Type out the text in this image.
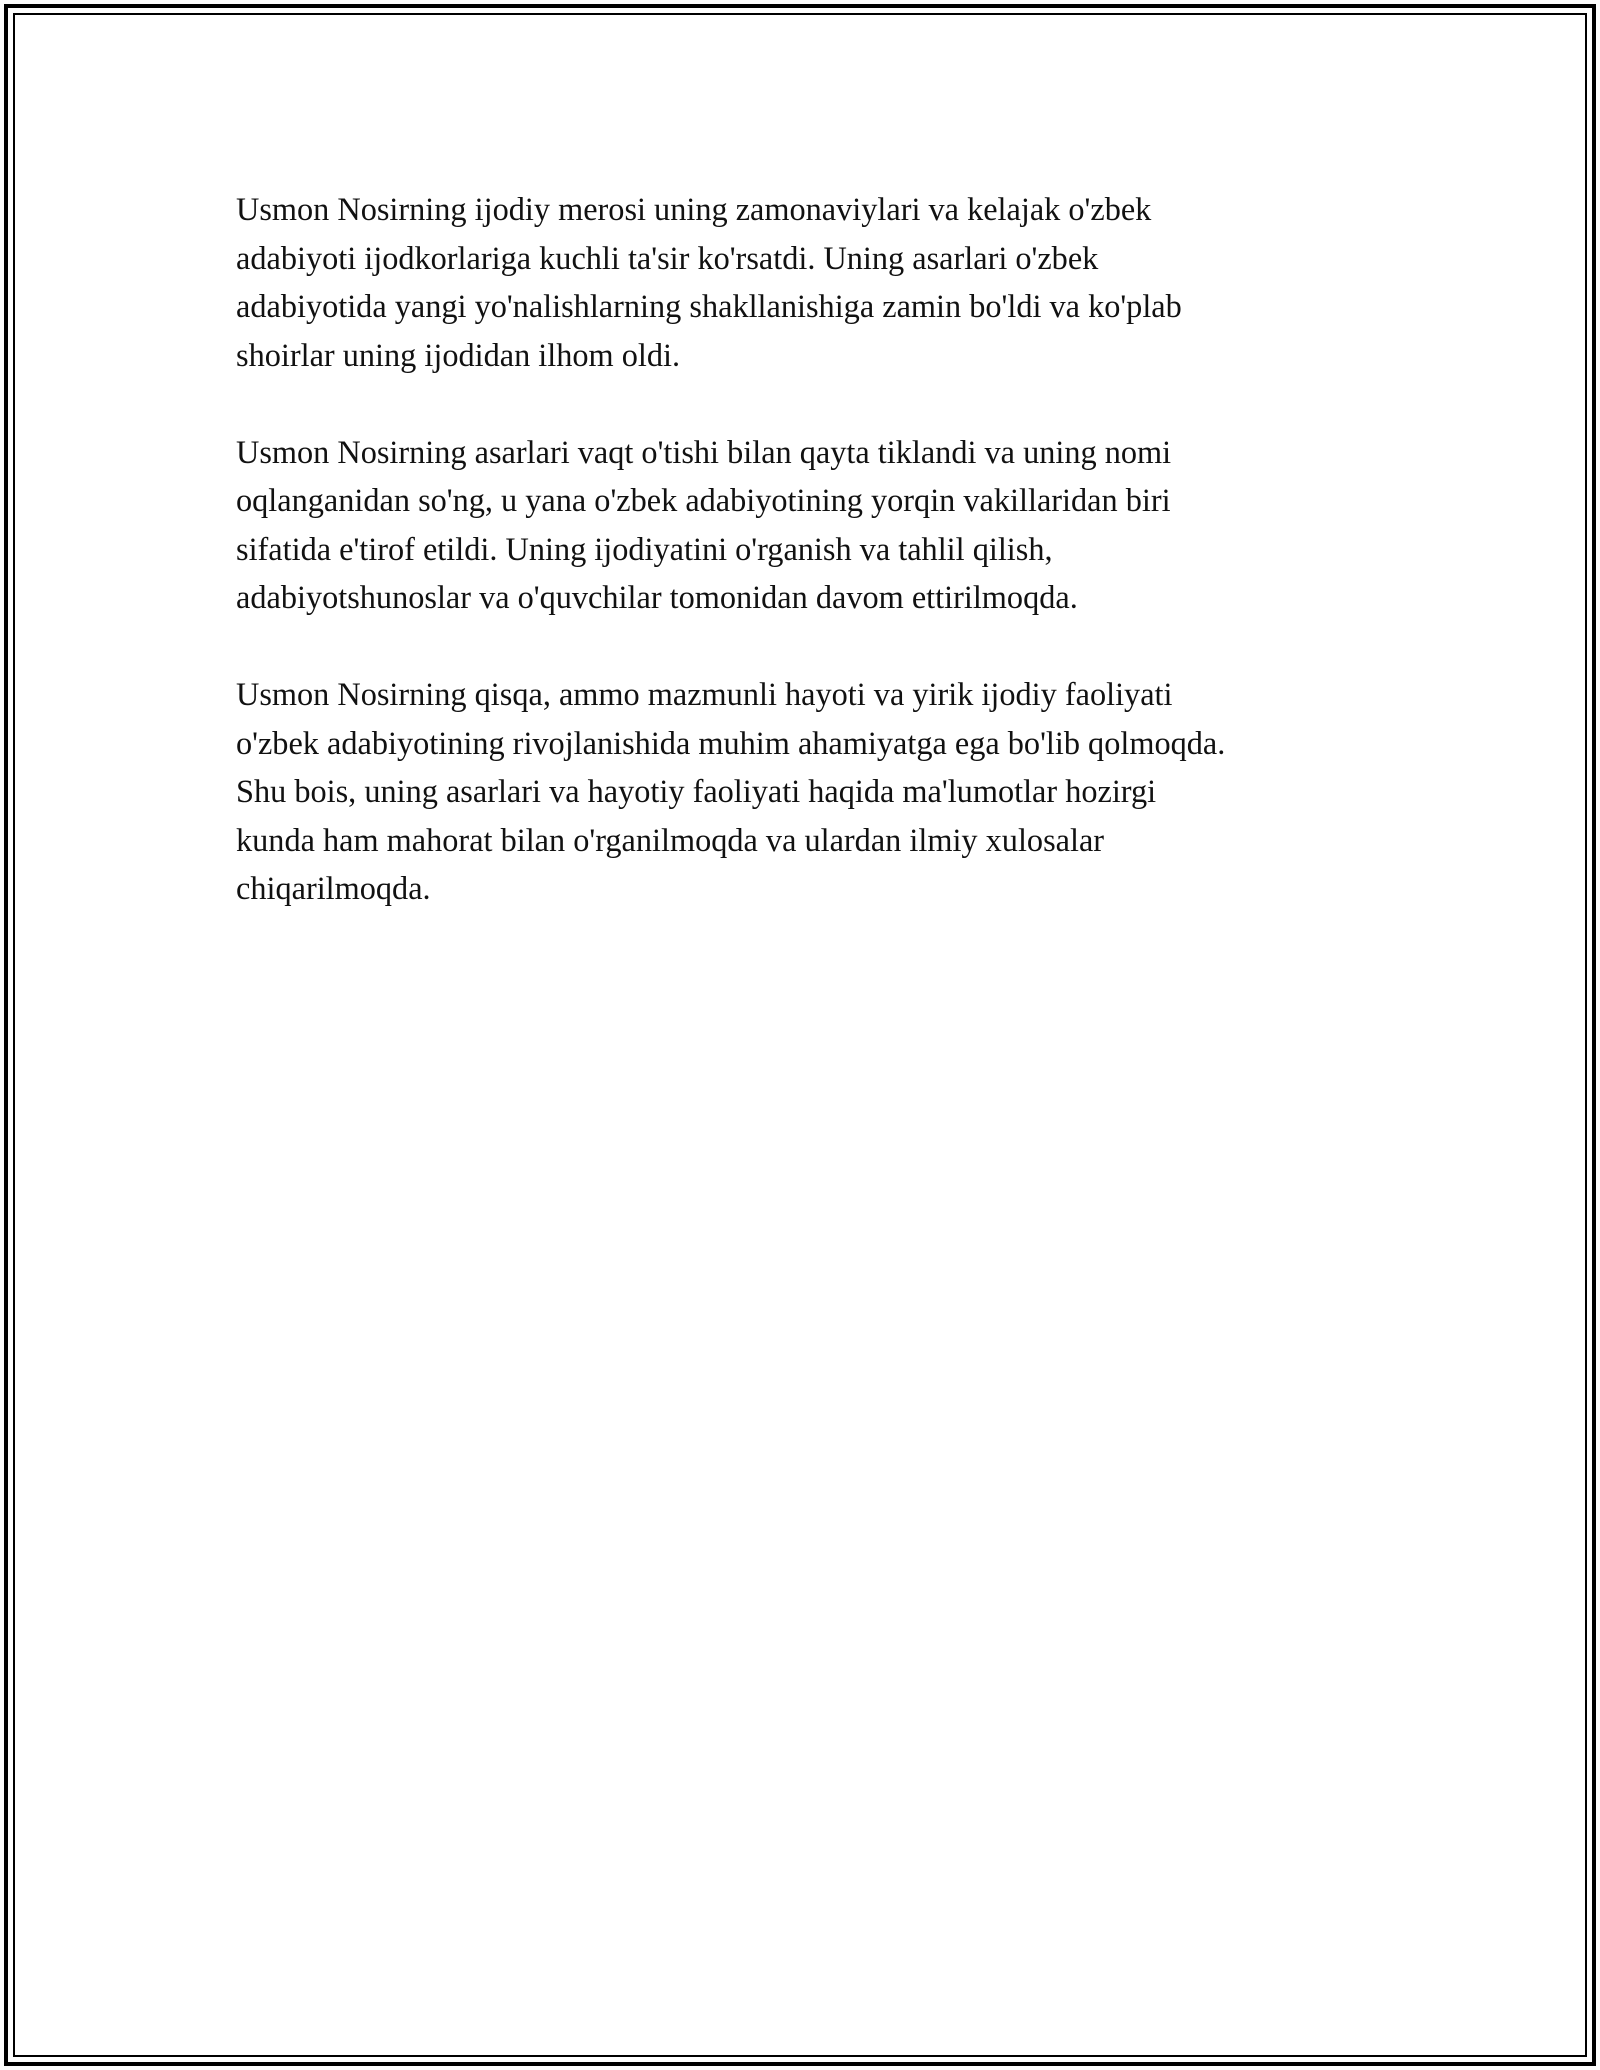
Usmon Nosirning ijodiy merosi uning zamonaviylari va kelajak o'zbek
adabiyoti ijodkorlariga kuchli ta'sir ko'rsatdi. Uning asarlari o'zbek
adabiyotida yangi yo'nalishlarning shakllanishiga zamin bo'ldi va ko'plab
shoirlar uning ijodidan ilhom oldi.

Usmon Nosirning asarlari vaqt o'tishi bilan qayta tiklandi va uning nomi
oqlanganidan so'ng, u yana o'zbek adabiyotining yorqin vakillaridan biri
sifatida e'tirof etildi. Uning ijodiyatini o'rganish va tahlil qilish,
adabiyotshunoslar va o'quvchilar tomonidan davom ettirilmoqda.

Usmon Nosirning qisqa, ammo mazmunli hayoti va yirik ijodiy faoliyati
o'zbek adabiyotining rivojlanishida muhim ahamiyatga ega bo'lib qolmoqda.
Shu bois, uning asarlari va hayotiy faoliyati haqida ma'lumotlar hozirgi
kunda ham mahorat bilan o'rganilmoqda va ulardan ilmiy xulosalar
chiqarilmoqda.
